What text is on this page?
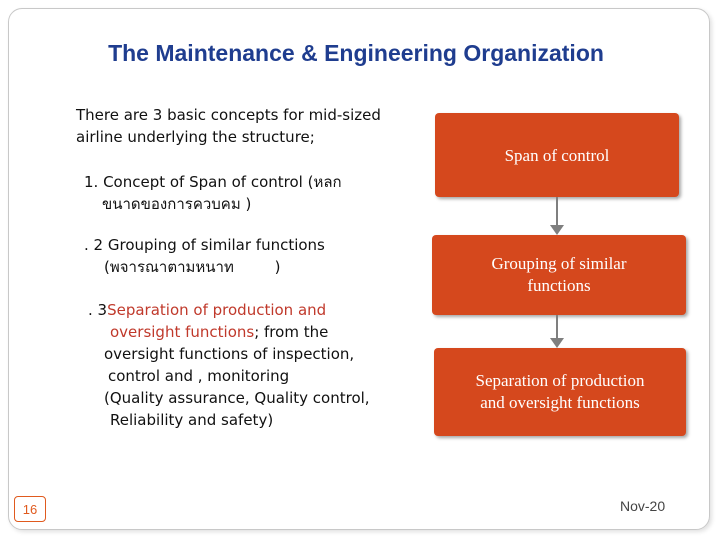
The Maintenance & Engineering Organization
There are 3 basic concepts for mid-sized
airline underlying the structure;
1. Concept of Span of control (หลก
ขนาดของการควบคม )
. 2 Grouping of similar functions
(พจารณาตามหนาท	)
. 3Separation of production and
oversight functions; from the
oversight functions of inspection,
control and , monitoring
(Quality assurance, Quality control,
Reliability and safety)
Span of control
Grouping of similar
functions
Separation of production
and oversight functions
16	Nov-20
